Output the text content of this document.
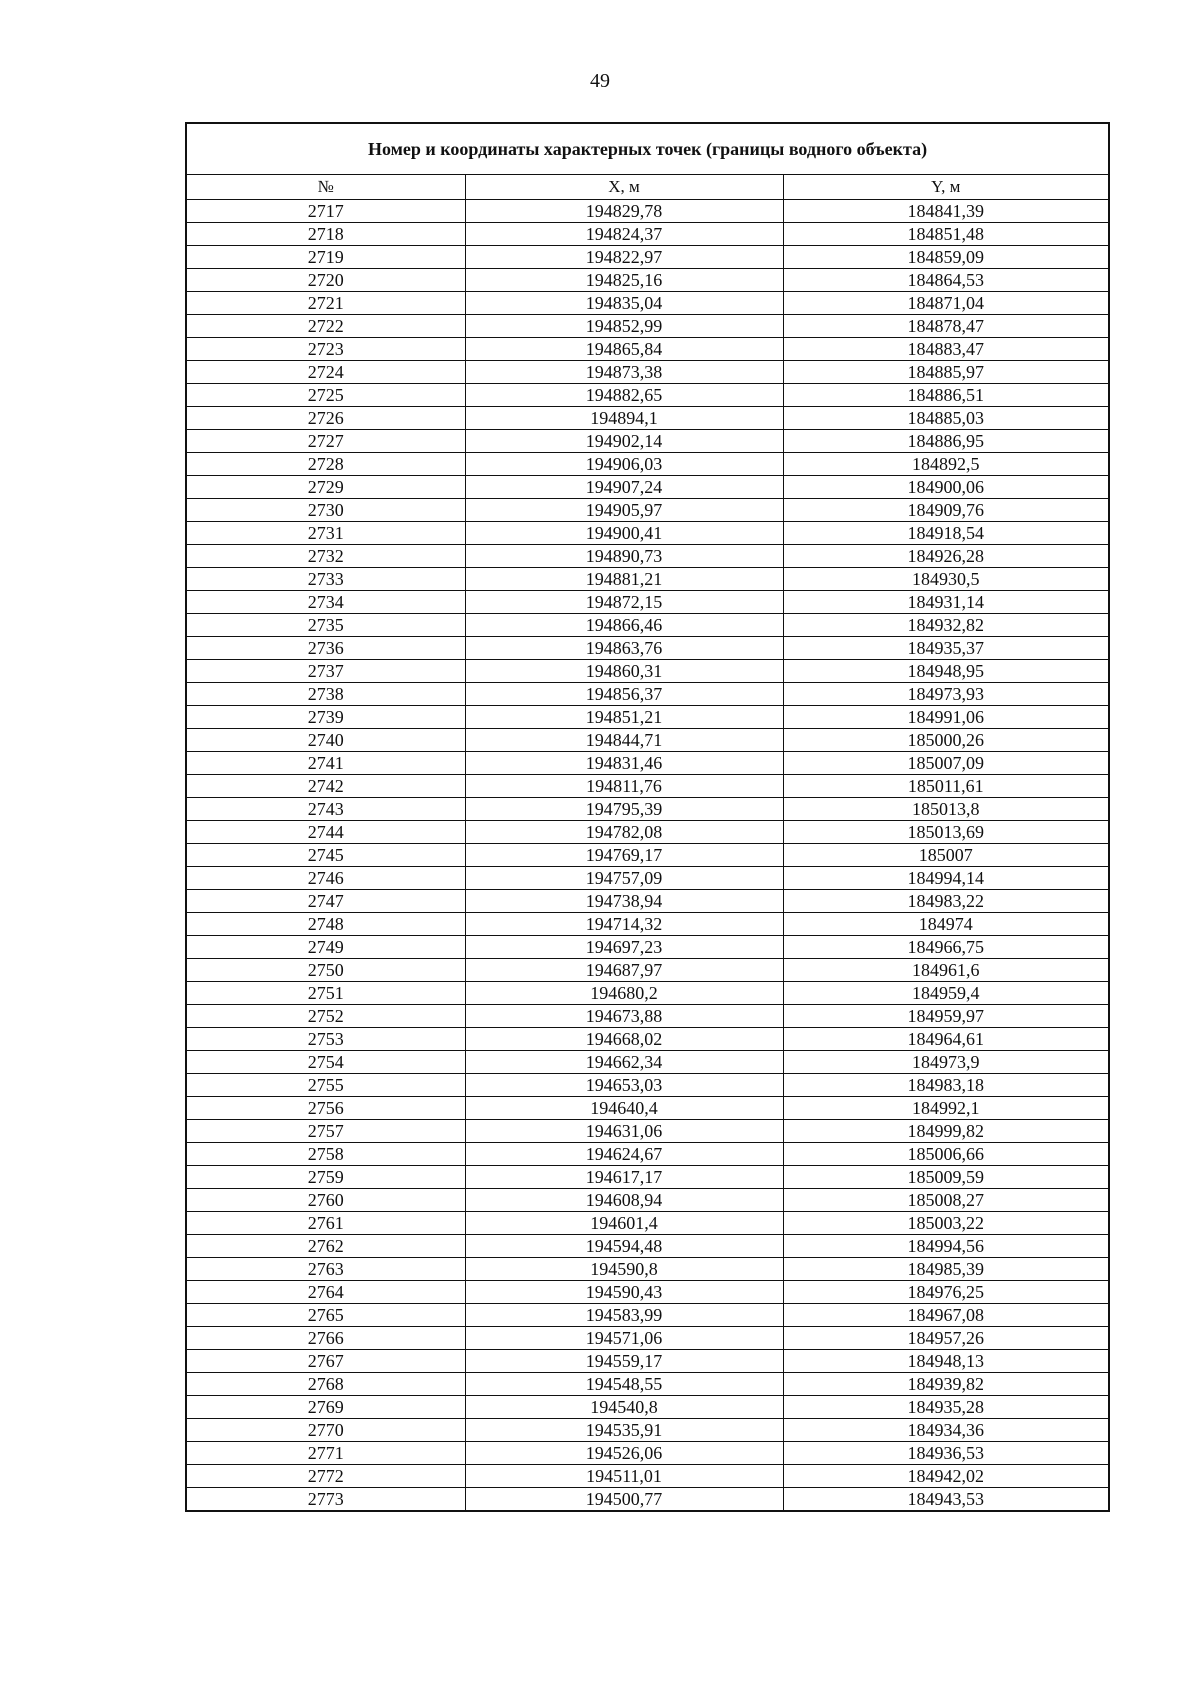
49
Номер и координаты характерных точек (границы водного объекта)		
№	X, м	Y, м
2717	194829,78	184841,39
2718	194824,37	184851,48
2719	194822,97	184859,09
2720	194825,16	184864,53
2721	194835,04	184871,04
2722	194852,99	184878,47
2723	194865,84	184883,47
2724	194873,38	184885,97
2725	194882,65	184886,51
2726	194894,1	184885,03
2727	194902,14	184886,95
2728	194906,03	184892,5
2729	194907,24	184900,06
2730	194905,97	184909,76
2731	194900,41	184918,54
2732	194890,73	184926,28
2733	194881,21	184930,5
2734	194872,15	184931,14
2735	194866,46	184932,82
2736	194863,76	184935,37
2737	194860,31	184948,95
2738	194856,37	184973,93
2739	194851,21	184991,06
2740	194844,71	185000,26
2741	194831,46	185007,09
2742	194811,76	185011,61
2743	194795,39	185013,8
2744	194782,08	185013,69
2745	194769,17	185007
2746	194757,09	184994,14
2747	194738,94	184983,22
2748	194714,32	184974
2749	194697,23	184966,75
2750	194687,97	184961,6
2751	194680,2	184959,4
2752	194673,88	184959,97
2753	194668,02	184964,61
2754	194662,34	184973,9
2755	194653,03	184983,18
2756	194640,4	184992,1
2757	194631,06	184999,82
2758	194624,67	185006,66
2759	194617,17	185009,59
2760	194608,94	185008,27
2761	194601,4	185003,22
2762	194594,48	184994,56
2763	194590,8	184985,39
2764	194590,43	184976,25
2765	194583,99	184967,08
2766	194571,06	184957,26
2767	194559,17	184948,13
2768	194548,55	184939,82
2769	194540,8	184935,28
2770	194535,91	184934,36
2771	194526,06	184936,53
2772	194511,01	184942,02
2773	194500,77	184943,53
